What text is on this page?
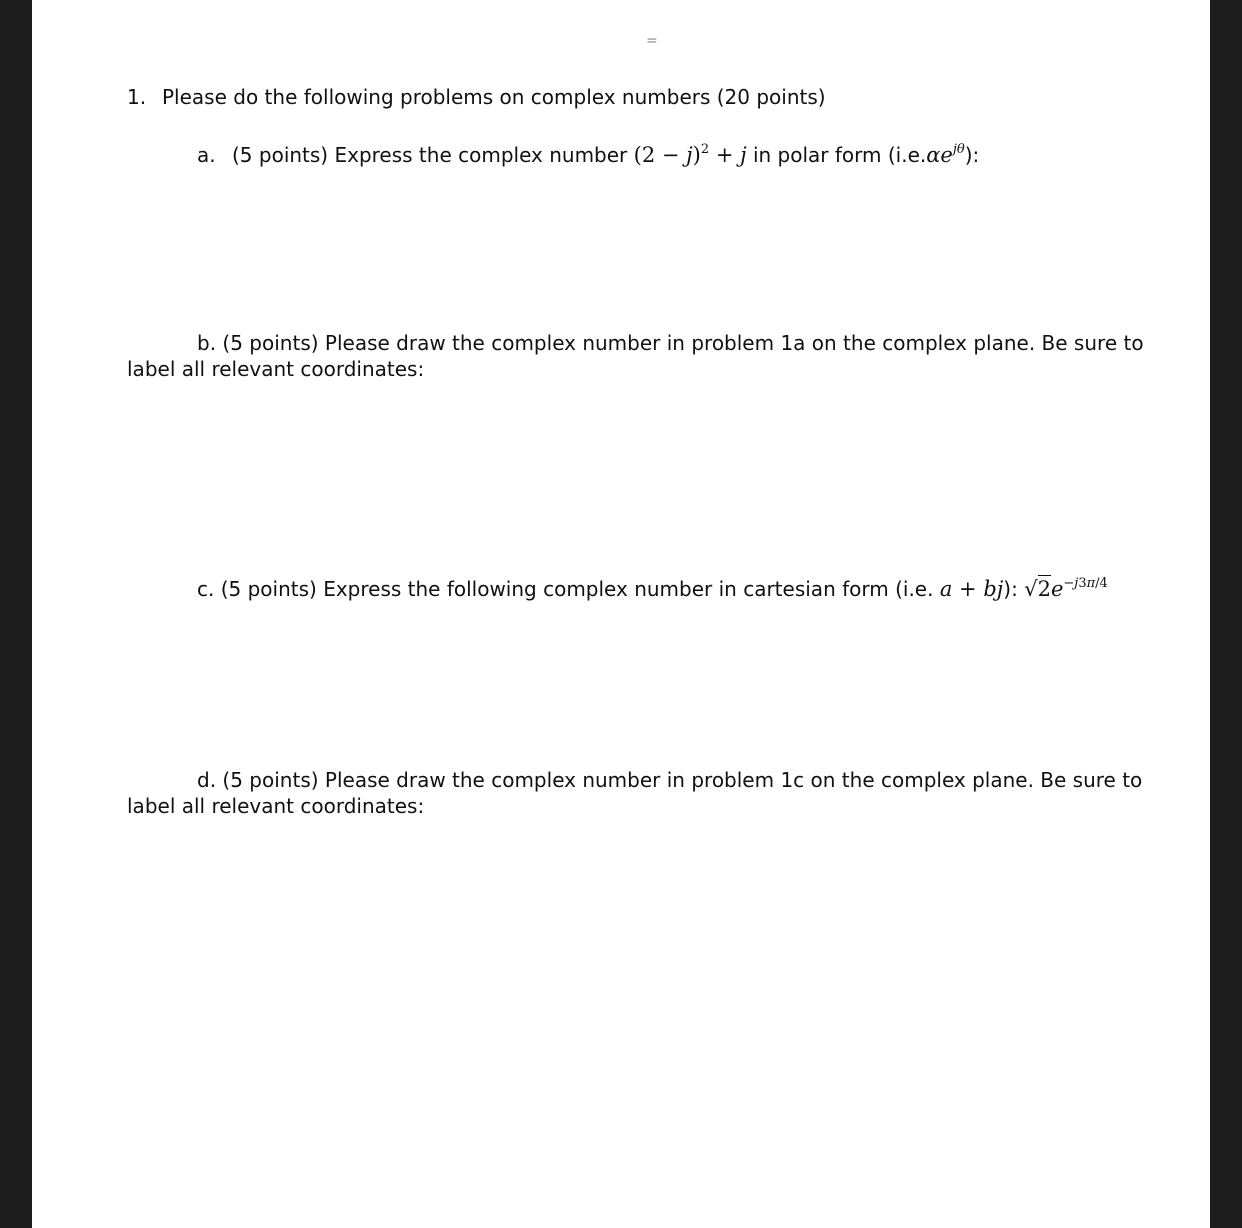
=
1. Please do the following problems on complex numbers (20 points)
a. (5 points) Express the complex number $(2 - j)^2 + j$ in polar form $(i.e.\alpha e^{j\theta})$:
b. (5 points) Please draw the complex number in problem 1a on the complex plane. Be sure to
label all relevant coordinates:
c. (5 points) Express the following complex number in cartesian form (i.e. a + bj): $√2e^{-j3\pi/4}$
d. (5 points) Please draw the complex number in problem 1c on the complex plane. Be sure to
label all relevant coordinates:
